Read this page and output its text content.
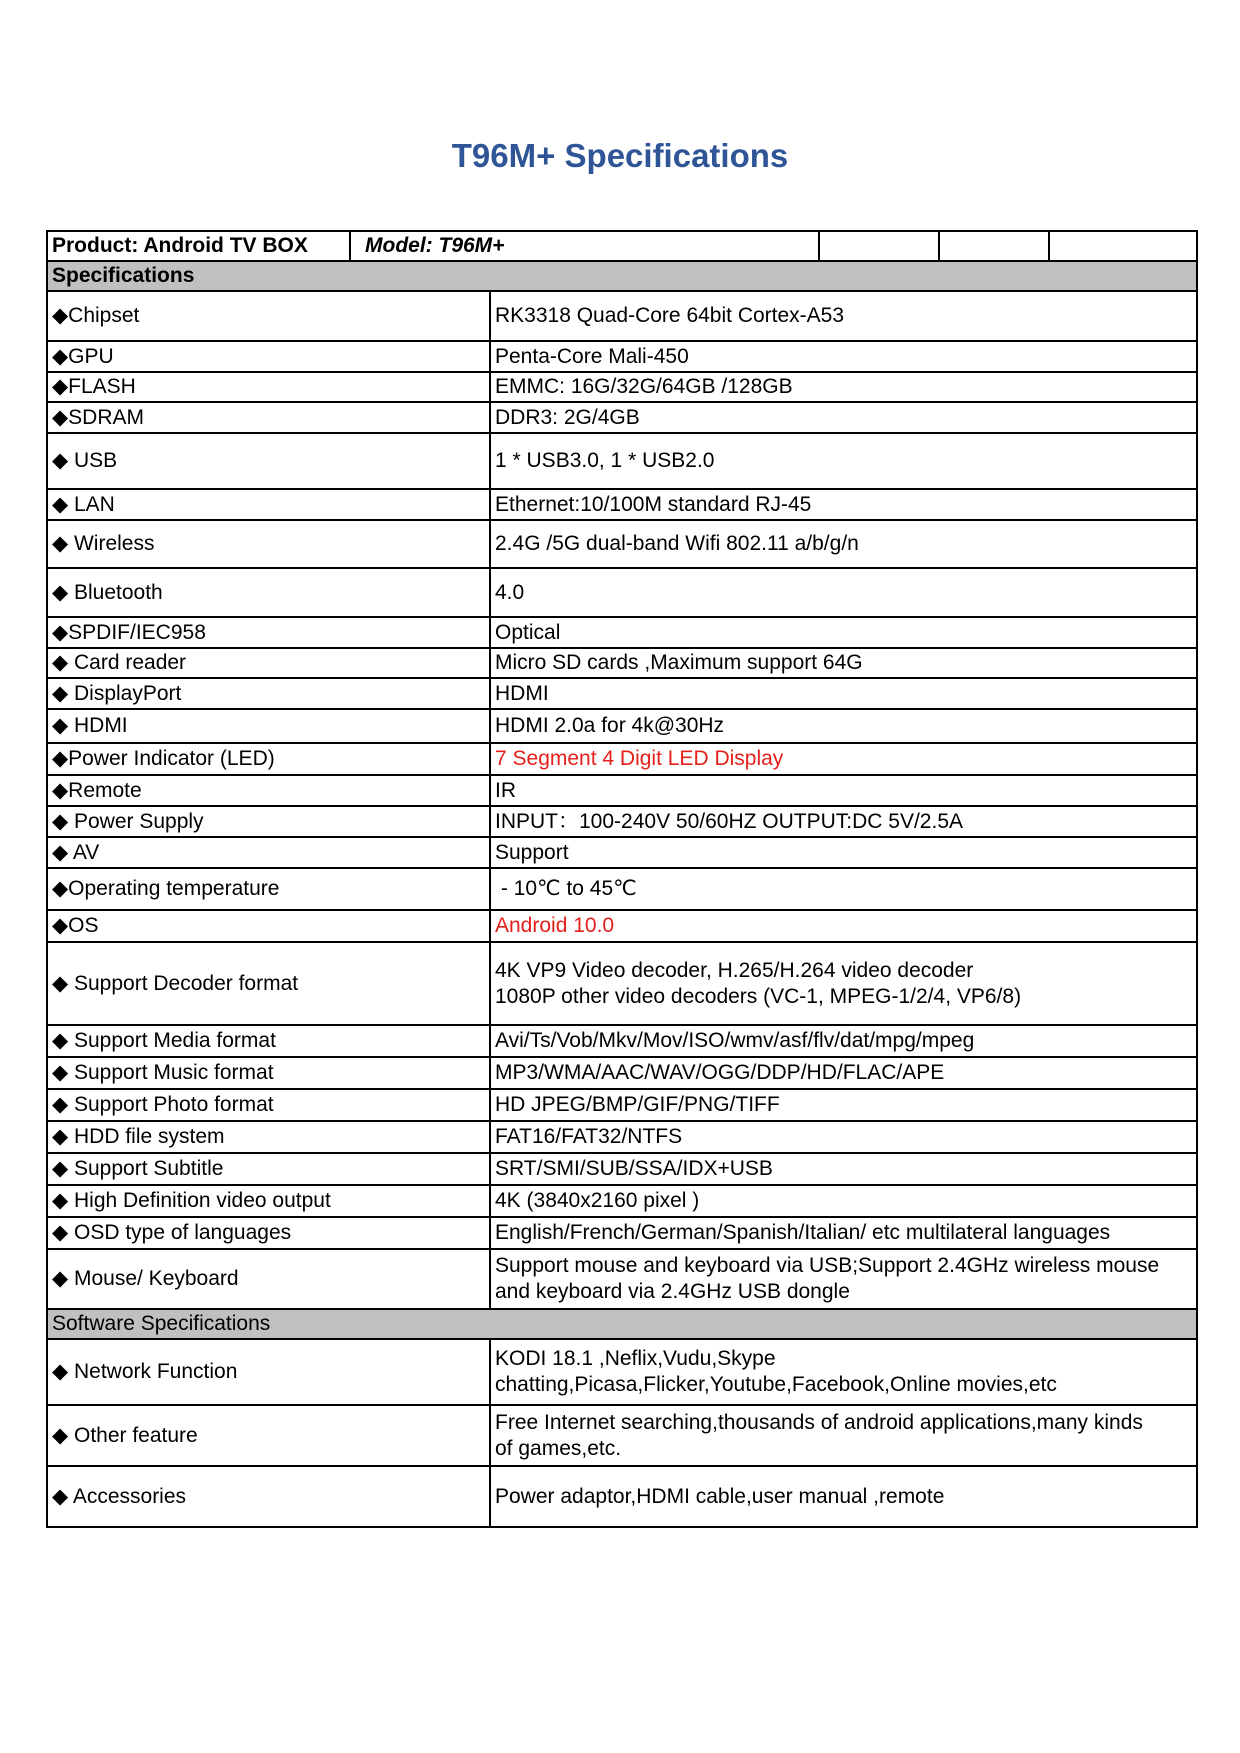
T96M+ Specifications
Product: Android TV BOX	Model: T96M+				
Specifications					
◆Chipset		RK3318 Quad-Core 64bit Cortex-A53			
◆GPU		Penta-Core Mali-450			
◆FLASH		EMMC: 16G/32G/64GB /128GB			
◆SDRAM		DDR3: 2G/4GB			
◆ USB		1 * USB3.0, 1 * USB2.0			
◆ LAN		Ethernet:10/100M standard RJ-45			
◆ Wireless		2.4G /5G dual-band Wifi 802.11 a/b/g/n			
◆ Bluetooth		4.0			
◆SPDIF/IEC958		Optical			
◆ Card reader		Micro SD cards ,Maximum support 64G			
◆ DisplayPort		HDMI			
◆ HDMI		HDMI 2.0a for 4k@30Hz			
◆Power Indicator (LED)		7 Segment 4 Digit LED Display			
◆Remote		IR			
◆ Power Supply		INPUT：100-240V 50/60HZ OUTPUT:DC 5V/2.5A			
◆ AV		Support			
◆Operating temperature		- 10℃ to 45℃			
◆OS		Android 10.0			
◆ Support Decoder format		4K VP9 Video decoder, H.265/H.264 video decoder
1080P other video decoders (VC-1, MPEG-1/2/4, VP6/8)			

◆ Support Media format		Avi/Ts/Vob/Mkv/Mov/ISO/wmv/asf/flv/dat/mpg/mpeg			
◆ Support Music format		MP3/WMA/AAC/WAV/OGG/DDP/HD/FLAC/APE			
◆ Support Photo format		HD JPEG/BMP/GIF/PNG/TIFF			
◆ HDD file system		FAT16/FAT32/NTFS			
◆ Support Subtitle		SRT/SMI/SUB/SSA/IDX+USB			
◆ High Definition video output		4K (3840x2160 pixel )			
◆ OSD type of languages		English/French/German/Spanish/Italian/ etc multilateral languages			
◆ Mouse/ Keyboard		Support mouse and keyboard via USB;Support 2.4GHz wireless mouse
and keyboard via 2.4GHz USB dongle			

Software Specifications					
◆ Network Function		KODI 18.1 ,Neflix,Vudu,Skype
chatting,Picasa,Flicker,Youtube,Facebook,Online movies,etc			

◆ Other feature		Free Internet searching,thousands of android applications,many kinds
of games,etc.			

◆ Accessories		Power adaptor,HDMI cable,user manual ,remote			
